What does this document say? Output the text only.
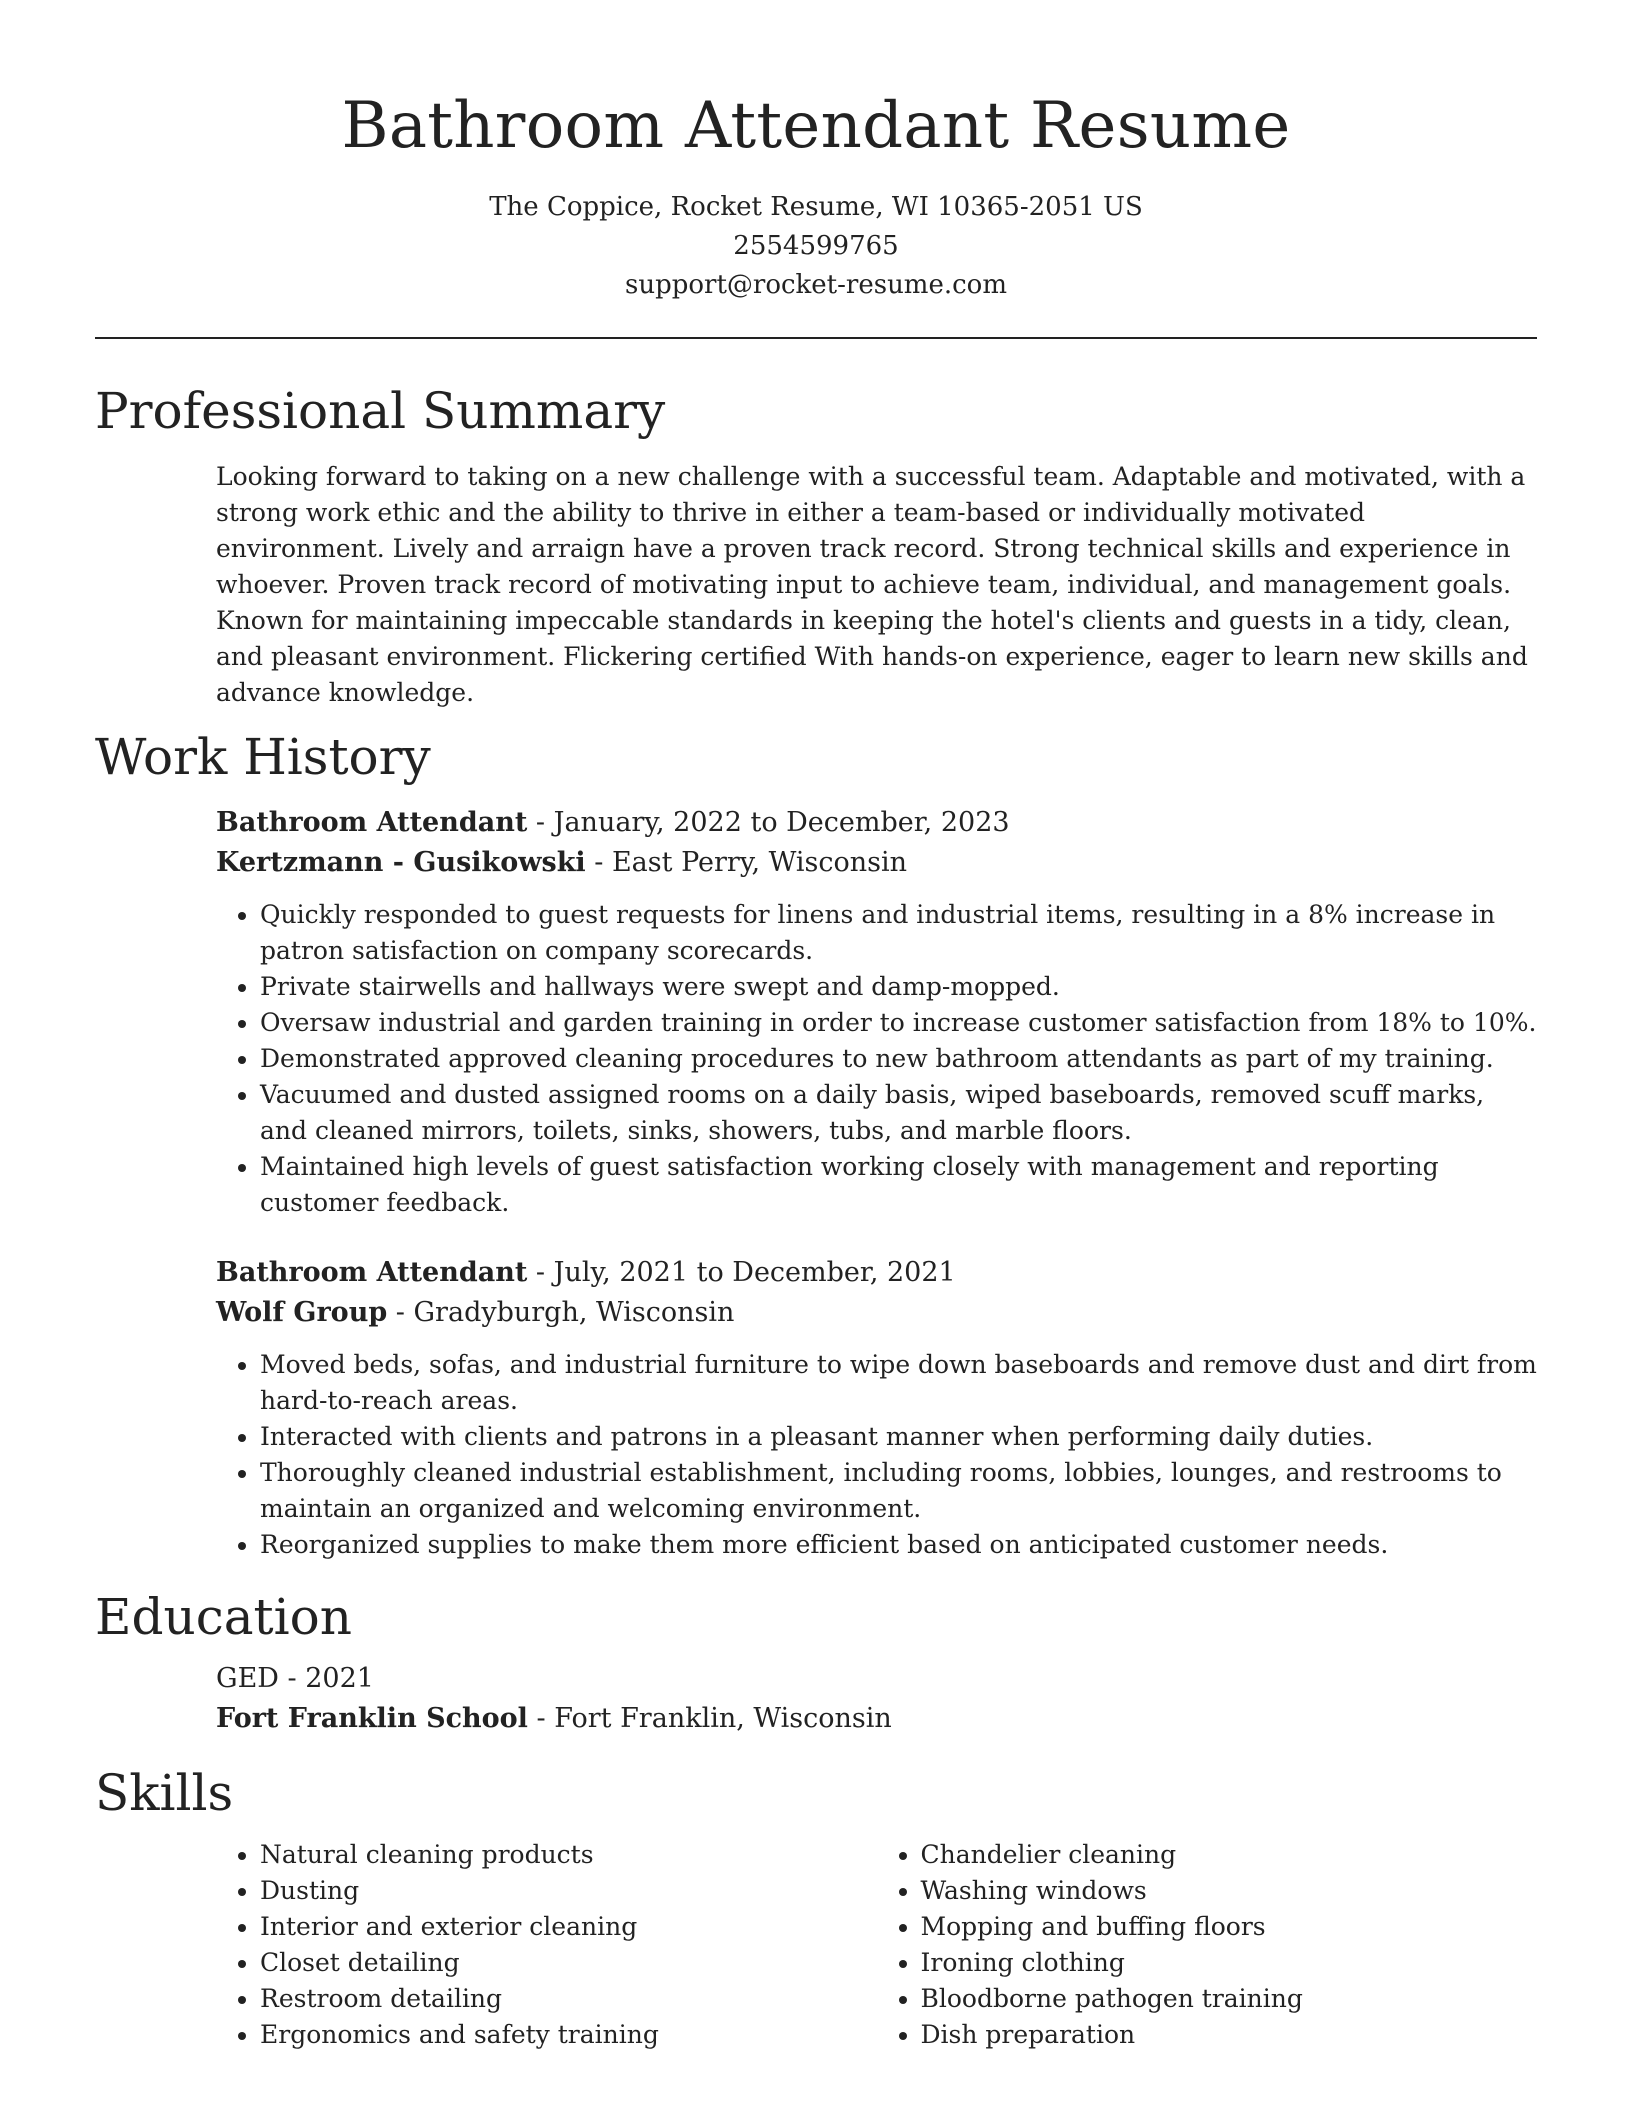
Bathroom Attendant Resume
The Coppice, Rocket Resume, WI 10365-2051 US
2554599765
support@rocket-resume.com
Professional Summary

Looking forward to taking on a new challenge with a successful team. Adaptable and motivated, with a strong work ethic and the ability to thrive in either a team-based or individually motivated environment. Lively and arraign have a proven track record. Strong technical skills and experience in whoever. Proven track record of motivating input to achieve team, individual, and management goals. Known for maintaining impeccable standards in keeping the hotel's clients and guests in a tidy, clean, and pleasant environment. Flickering certified With hands-on experience, eager to learn new skills and advance knowledge.

Work History
Bathroom Attendant - January, 2022 to December, 2023
Kertzmann - Gusikowski - East Perry, Wisconsin
• Quickly responded to guest requests for linens and industrial items, resulting in a 8% increase in patron satisfaction on company scorecards.
• Private stairwells and hallways were swept and damp-mopped.
• Oversaw industrial and garden training in order to increase customer satisfaction from 18% to 10%.
• Demonstrated approved cleaning procedures to new bathroom attendants as part of my training.
• Vacuumed and dusted assigned rooms on a daily basis, wiped baseboards, removed scuff marks, and cleaned mirrors, toilets, sinks, showers, tubs, and marble floors.
• Maintained high levels of guest satisfaction working closely with management and reporting customer feedback.
Bathroom Attendant - July, 2021 to December, 2021
Wolf Group - Gradyburgh, Wisconsin
• Moved beds, sofas, and industrial furniture to wipe down baseboards and remove dust and dirt from hard-to-reach areas.
• Interacted with clients and patrons in a pleasant manner when performing daily duties.
• Thoroughly cleaned industrial establishment, including rooms, lobbies, lounges, and restrooms to maintain an organized and welcoming environment.
• Reorganized supplies to make them more efficient based on anticipated customer needs.
Education
GED - 2021
Fort Franklin School - Fort Franklin, Wisconsin
Skills
• Natural cleaning products
• Dusting
• Interior and exterior cleaning
• Closet detailing
• Restroom detailing
• Ergonomics and safety training
• Chandelier cleaning
• Washing windows
• Mopping and buffing floors
• Ironing clothing
• Bloodborne pathogen training
• Dish preparation
